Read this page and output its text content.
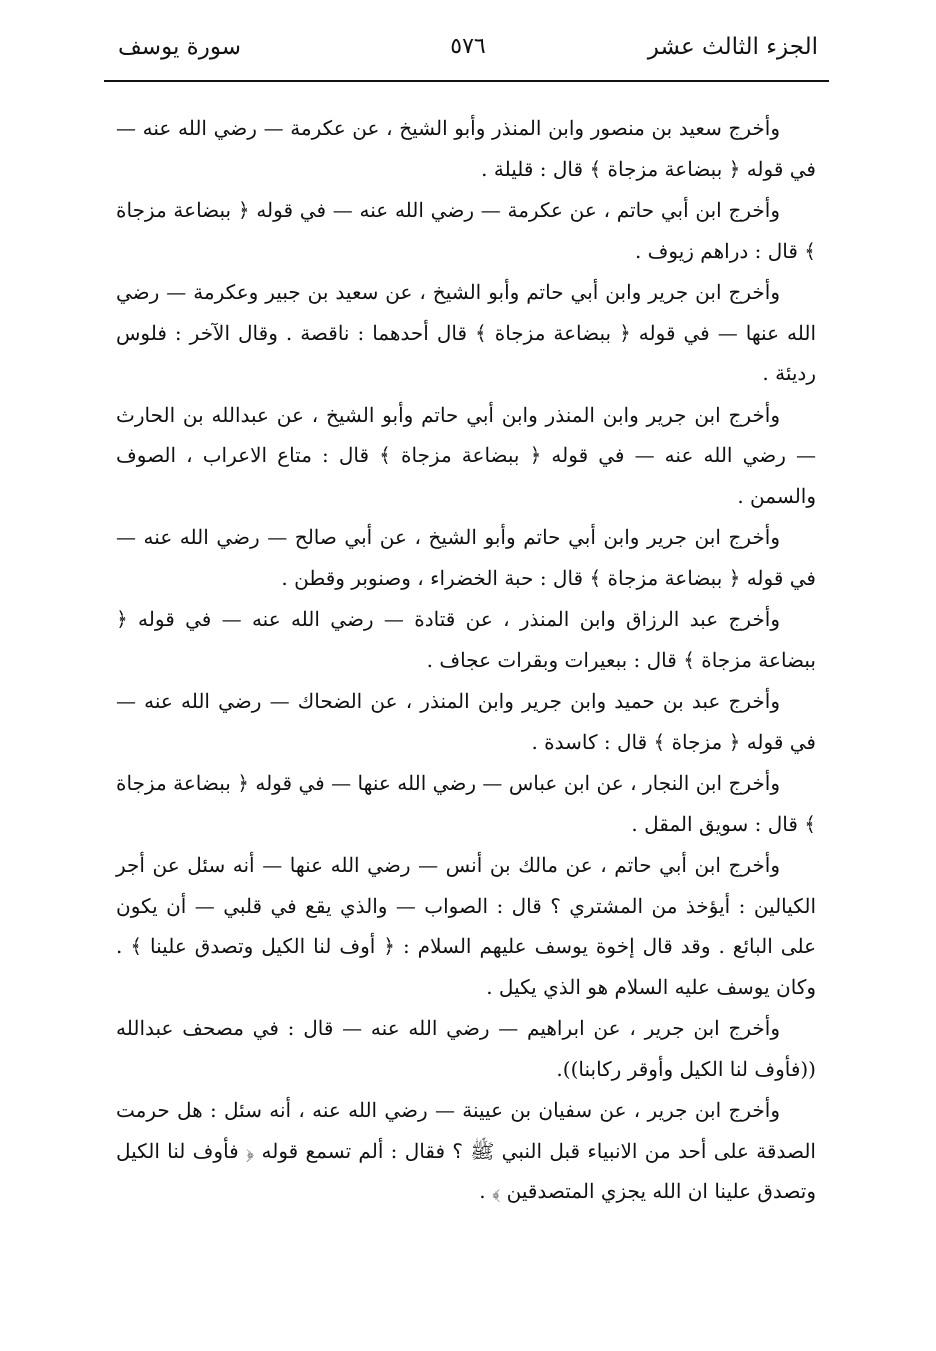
الجزء الثالث عشر
٥٧٦
سورة يوسف

وأخرج سعيد بن منصور وابن المنذر وأبو الشيخ ، عن عكرمة — رضي الله عنه — في قوله ﴿ ببضاعة مزجاة ﴾ قال : قليلة .

وأخرج ابن أبي حاتم ، عن عكرمة — رضي الله عنه — في قوله ﴿ ببضاعة مزجاة ﴾ قال : دراهم زيوف .

وأخرج ابن جرير وابن أبي حاتم وأبو الشيخ ، عن سعيد بن جبير وعكرمة — رضي الله عنها — في قوله ﴿ ببضاعة مزجاة ﴾ قال أحدهما : ناقصة . وقال الآخر : فلوس رديئة .

وأخرج ابن جرير وابن المنذر وابن أبي حاتم وأبو الشيخ ، عن عبدالله بن الحارث — رضي الله عنه — في قوله ﴿ ببضاعة مزجاة ﴾ قال : متاع الاعراب ، الصوف والسمن .

وأخرج ابن جرير وابن أبي حاتم وأبو الشيخ ، عن أبي صالح — رضي الله عنه — في قوله ﴿ ببضاعة مزجاة ﴾ قال : حبة الخضراء ، وصنوبر وقطن .

وأخرج عبد الرزاق وابن المنذر ، عن قتادة — رضي الله عنه — في قوله ﴿ ببضاعة مزجاة ﴾ قال : ببعيرات وبقرات عجاف .

وأخرج عبد بن حميد وابن جرير وابن المنذر ، عن الضحاك — رضي الله عنه — في قوله ﴿ مزجاة ﴾ قال : كاسدة .

وأخرج ابن النجار ، عن ابن عباس — رضي الله عنها — في قوله ﴿ ببضاعة مزجاة ﴾ قال : سويق المقل .

وأخرج ابن أبي حاتم ، عن مالك بن أنس — رضي الله عنها — أنه سئل عن أجر الكيالين : أيؤخذ من المشتري ؟ قال : الصواب — والذي يقع في قلبي — أن يكون على البائع . وقد قال إخوة يوسف عليهم السلام : ﴿ أوف لنا الكيل وتصدق علينا ﴾ . وكان يوسف عليه السلام هو الذي يكيل .

وأخرج ابن جرير ، عن ابراهيم — رضي الله عنه — قال : في مصحف عبدالله ((فأوف لنا الكيل وأوقر ركابنا)).

وأخرج ابن جرير ، عن سفيان بن عيينة — رضي الله عنه ، أنه سئل : هل حرمت الصدقة على أحد من الانبياء قبل النبي ﷺ ؟ فقال : ألم تسمع قوله ﴿ فأوف لنا الكيل وتصدق علينا ان الله يجزي المتصدقين ﴾ .
